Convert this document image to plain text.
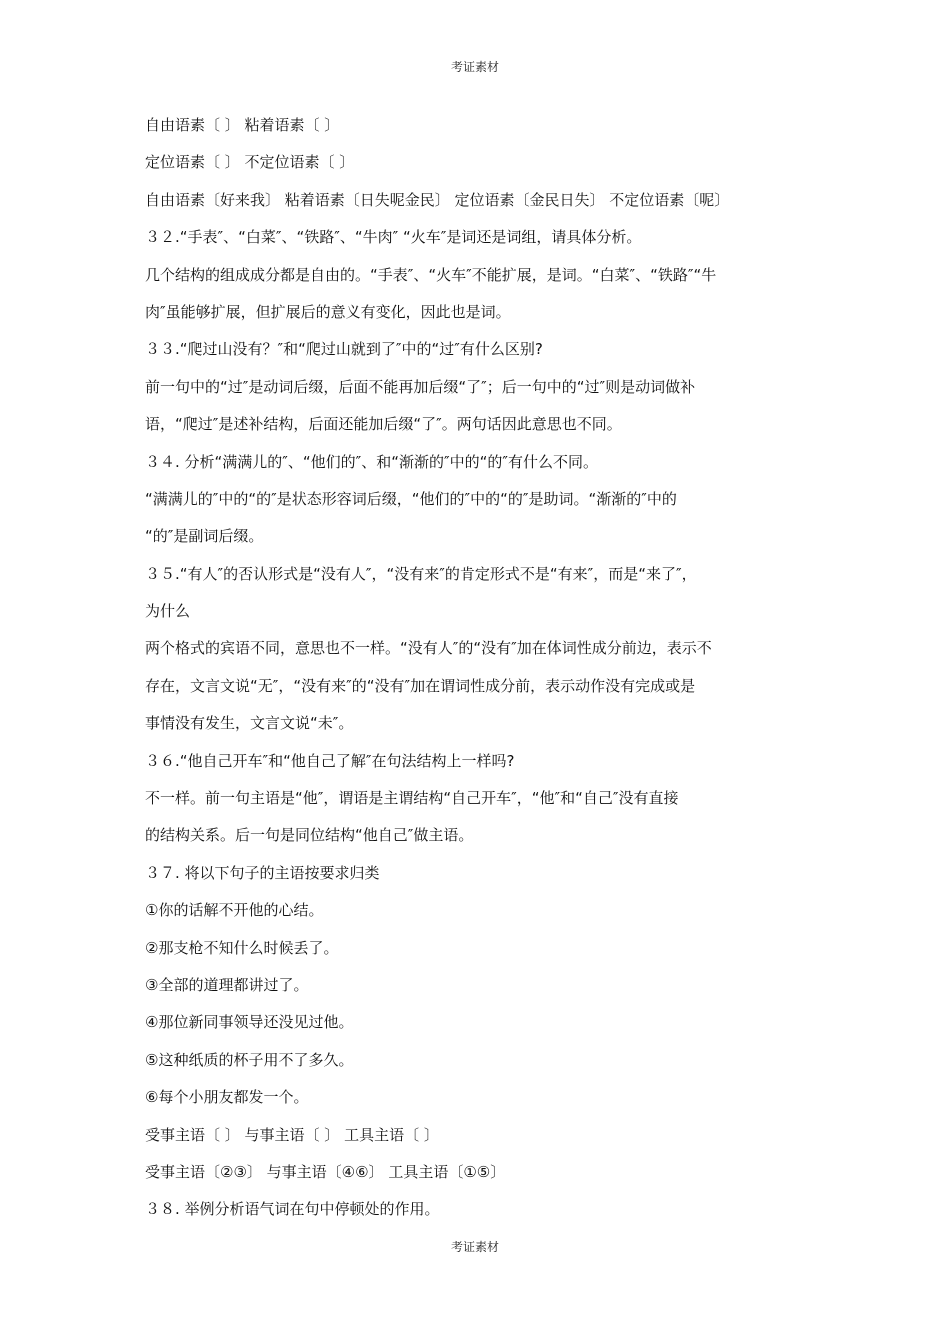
考证素材
自由语素〔 〕 粘着语素〔 〕
定位语素〔 〕 不定位语素〔 〕
自由语素〔好来我〕 粘着语素〔日失呢金民〕 定位语素〔金民日失〕 不定位语素〔呢〕
３２.“手表″、“白菜″、“铁路″、“牛肉″ “火车″是词还是词组，请具体分析。
几个结构的组成成分都是自由的。“手表″、“火车″不能扩展，是词。“白菜″、“铁路″“牛
肉″虽能够扩展，但扩展后的意义有变化，因此也是词。
３３.“爬过山没有？″和“爬过山就到了″中的“过″有什么区别?
前一句中的“过″是动词后缀，后面不能再加后缀“了″；后一句中的“过″则是动词做补
语，“爬过″是述补结构，后面还能加后缀“了″。两句话因此意思也不同。
３４. 分析“满满儿的″、“他们的″、和“渐渐的″中的“的″有什么不同。
“满满儿的″中的“的″是状态形容词后缀，“他们的″中的“的″是助词。“渐渐的″中的
“的″是副词后缀。
３５.“有人″的否认形式是“没有人″，“没有来″的肯定形式不是“有来″，而是“来了″，
为什么
两个格式的宾语不同，意思也不一样。“没有人″的“没有″加在体词性成分前边，表示不
存在，文言文说“无″，“没有来″的“没有″加在谓词性成分前，表示动作没有完成或是
事情没有发生，文言文说“未″。
３６.“他自己开车″和“他自己了解″在句法结构上一样吗?
不一样。前一句主语是“他″，谓语是主谓结构“自己开车″，“他″和“自己″没有直接
的结构关系。后一句是同位结构“他自己″做主语。
３７. 将以下句子的主语按要求归类
①你的话解不开他的心结。
②那支枪不知什么时候丢了。
③全部的道理都讲过了。
④那位新同事领导还没见过他。
⑤这种纸质的杯子用不了多久。
⑥每个小朋友都发一个。
受事主语〔 〕 与事主语〔 〕 工具主语〔 〕
受事主语〔②③〕 与事主语〔④⑥〕 工具主语〔①⑤〕
３８. 举例分析语气词在句中停顿处的作用。
考证素材
